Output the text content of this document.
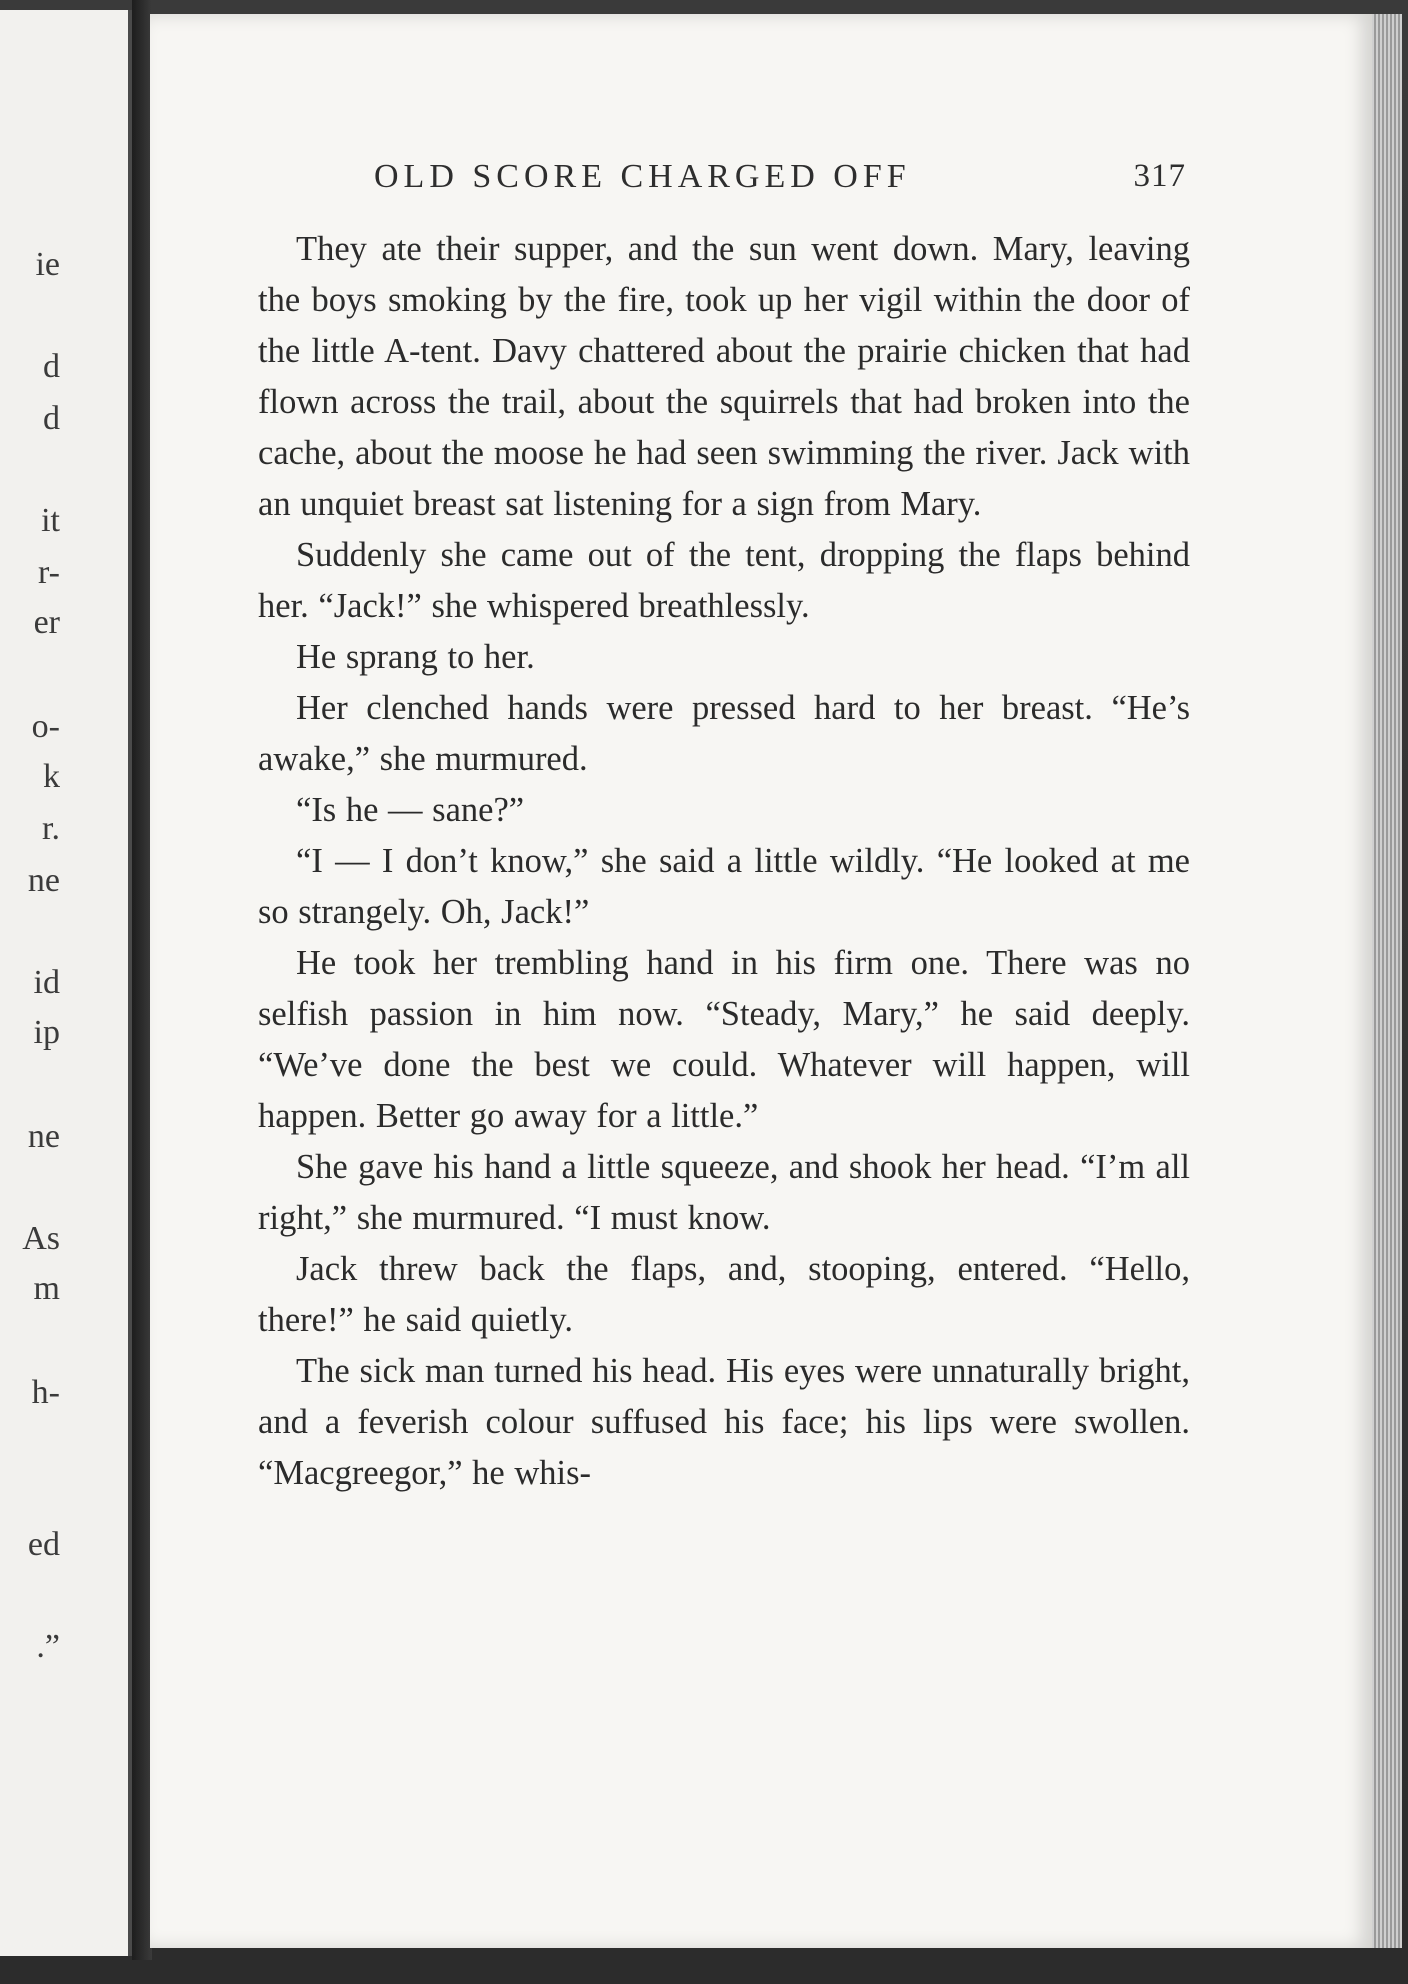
ie
d
d
it
r-
er
o-
k
r.
ne
id
ip
ne
As
m
h-
ed
.”
OLD SCORE CHARGED OFF	317

They ate their supper, and the sun went down. Mary, leaving the boys smoking by the fire, took up her vigil within the door of the little A-tent. Davy chattered about the prairie chicken that had flown across the trail, about the squirrels that had broken into the cache, about the moose he had seen swimming the river. Jack with an unquiet breast sat listening for a sign from Mary.

Suddenly she came out of the tent, dropping the flaps behind her. “Jack!” she whispered breathlessly.

He sprang to her.

Her clenched hands were pressed hard to her breast. “He’s awake,” she murmured.

“Is he — sane?”

“I — I don’t know,” she said a little wildly. “He looked at me so strangely. Oh, Jack!”

He took her trembling hand in his firm one. There was no selfish passion in him now. “Steady, Mary,” he said deeply. “We’ve done the best we could. Whatever will happen, will happen. Better go away for a little.”

She gave his hand a little squeeze, and shook her head. “I’m all right,” she murmured. “I must know.

Jack threw back the flaps, and, stooping, entered. “Hello, there!” he said quietly.

The sick man turned his head. His eyes were unnaturally bright, and a feverish colour suffused his face; his lips were swollen. “Macgreegor,” he whis-
